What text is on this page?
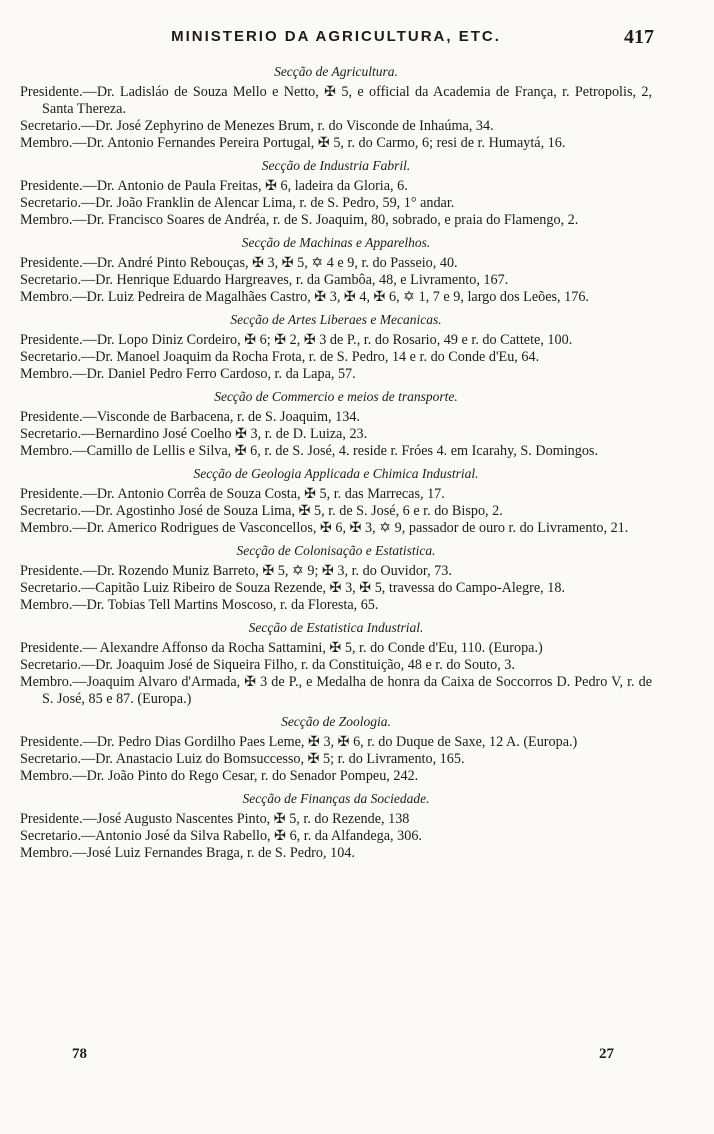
MINISTERIO DA AGRICULTURA, ETC.	417
Secção de Agricultura.

Presidente.—Dr. Ladisláo de Souza Mello e Netto, ✠ 5, e official da Academia de França, r. Petropolis, 2, Santa Thereza.

Secretario.—Dr. José Zephyrino de Menezes Brum, r. do Visconde de Inhaúma, 34.

Membro.—Dr. Antonio Fernandes Pereira Portugal, ✠ 5, r. do Carmo, 6; resi de r. Humaytá, 16.

Secção de Industria Fabril.

Presidente.—Dr. Antonio de Paula Freitas, ✠ 6, ladeira da Gloria, 6.

Secretario.—Dr. João Franklin de Alencar Lima, r. de S. Pedro, 59, 1° andar.

Membro.—Dr. Francisco Soares de Andréa, r. de S. Joaquim, 80, sobrado, e praia do Flamengo, 2.

Secção de Machinas e Apparelhos.

Presidente.—Dr. André Pinto Rebouças, ✠ 3, ✠ 5, ✡ 4 e 9, r. do Passeio, 40.

Secretario.—Dr. Henrique Eduardo Hargreaves, r. da Gambôa, 48, e Livramento, 167.

Membro.—Dr. Luiz Pedreira de Magalhães Castro, ✠ 3, ✠ 4, ✠ 6, ✡ 1, 7 e 9, largo dos Leões, 176.

Secção de Artes Liberaes e Mecanicas.

Presidente.—Dr. Lopo Diniz Cordeiro, ✠ 6; ✠ 2, ✠ 3 de P., r. do Rosario, 49 e r. do Cattete, 100.

Secretario.—Dr. Manoel Joaquim da Rocha Frota, r. de S. Pedro, 14 e r. do Conde d'Eu, 64.

Membro.—Dr. Daniel Pedro Ferro Cardoso, r. da Lapa, 57.

Secção de Commercio e meios de transporte.

Presidente.—Visconde de Barbacena, r. de S. Joaquim, 134.

Secretario.—Bernardino José Coelho ✠ 3, r. de D. Luiza, 23.

Membro.—Camillo de Lellis e Silva, ✠ 6, r. de S. José, 4. reside r. Fróes 4. em Icarahy, S. Domingos.

Secção de Geologia Applicada e Chimica Industrial.

Presidente.—Dr. Antonio Corrêa de Souza Costa, ✠ 5, r. das Marrecas, 17.

Secretario.—Dr. Agostinho José de Souza Lima, ✠ 5, r. de S. José, 6 e r. do Bispo, 2.

Membro.—Dr. Americo Rodrigues de Vasconcellos, ✠ 6, ✠ 3, ✡ 9, passador de ouro r. do Livramento, 21.

Secção de Colonisação e Estatistica.

Presidente.—Dr. Rozendo Muniz Barreto, ✠ 5, ✡ 9; ✠ 3, r. do Ouvidor, 73.

Secretario.—Capitão Luiz Ribeiro de Souza Rezende, ✠ 3, ✠ 5, travessa do Campo-Alegre, 18.

Membro.—Dr. Tobias Tell Martins Moscoso, r. da Floresta, 65.

Secção de Estatistica Industrial.

Presidente.— Alexandre Affonso da Rocha Sattamini, ✠ 5, r. do Conde d'Eu, 110. (Europa.)

Secretario.—Dr. Joaquim José de Siqueira Filho, r. da Constituição, 48 e r. do Souto, 3.

Membro.—Joaquim Alvaro d'Armada, ✠ 3 de P., e Medalha de honra da Caixa de Soccorros D. Pedro V, r. de S. José, 85 e 87. (Europa.)

Secção de Zoologia.

Presidente.—Dr. Pedro Dias Gordilho Paes Leme, ✠ 3, ✠ 6, r. do Duque de Saxe, 12 A. (Europa.)

Secretario.—Dr. Anastacio Luiz do Bomsuccesso, ✠ 5; r. do Livramento, 165.

Membro.—Dr. João Pinto do Rego Cesar, r. do Senador Pompeu, 242.

Secção de Finanças da Sociedade.

Presidente.—José Augusto Nascentes Pinto, ✠ 5, r. do Rezende, 138

Secretario.—Antonio José da Silva Rabello, ✠ 6, r. da Alfandega, 306.

Membro.—José Luiz Fernandes Braga, r. de S. Pedro, 104.

78	27
